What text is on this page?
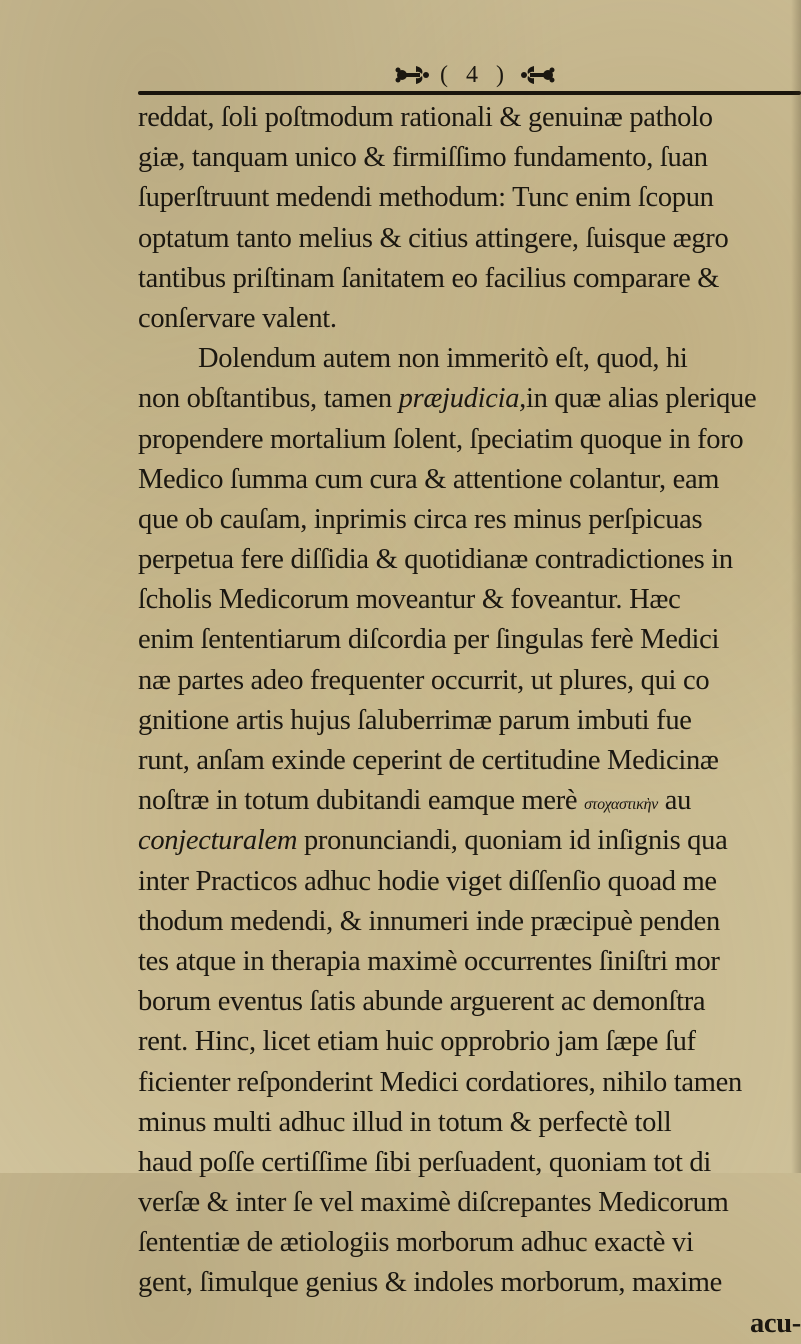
( 4 )
reddat, ſoli poſtmodum rationali & genuinæ patholo
giæ, tanquam unico & firmiſſimo fundamento, ſuan
ſuperſtruunt medendi methodum: Tunc enim ſcopun
optatum tanto melius & citius attingere, ſuisque ægro
tantibus priſtinam ſanitatem eo facilius comparare &
conſervare valent.
Dolendum autem non immeritò eſt, quod, hi
non obſtantibus, tamen præjudicia,in quæ alias plerique
propendere mortalium ſolent, ſpeciatim quoque in foro
Medico ſumma cum cura & attentione colantur, eam
que ob cauſam, inprimis circa res minus perſpicuas
perpetua fere diſſidia & quotidianæ contradictiones in
ſcholis Medicorum moveantur & foveantur. Hæc
enim ſententiarum diſcordia per ſingulas ferè Medici
næ partes adeo frequenter occurrit, ut plures, qui co
gnitione artis hujus ſaluberrimæ parum imbuti fue
runt, anſam exinde ceperint de certitudine Medicinæ
noſtræ in totum dubitandi eamque merè στοχαστικὴν au
conjecturalem pronunciandi, quoniam id inſignis qua
inter Practicos adhuc hodie viget diſſenſio quoad me
thodum medendi, & innumeri inde præcipuè penden
tes atque in therapia maximè occurrentes ſiniſtri mor
borum eventus ſatis abunde arguerent ac demonſtra
rent. Hinc, licet etiam huic opprobrio jam ſæpe ſuf
ficienter reſponderint Medici cordatiores, nihilo tamen
minus multi adhuc illud in totum & perfectè toll
haud poſſe certiſſime ſibi perſuadent, quoniam tot di
verſæ & inter ſe vel maximè diſcrepantes Medicorum
ſententiæ de ætiologiis morborum adhuc exactè vi
gent, ſimulque genius & indoles morborum, maxime
acu-
